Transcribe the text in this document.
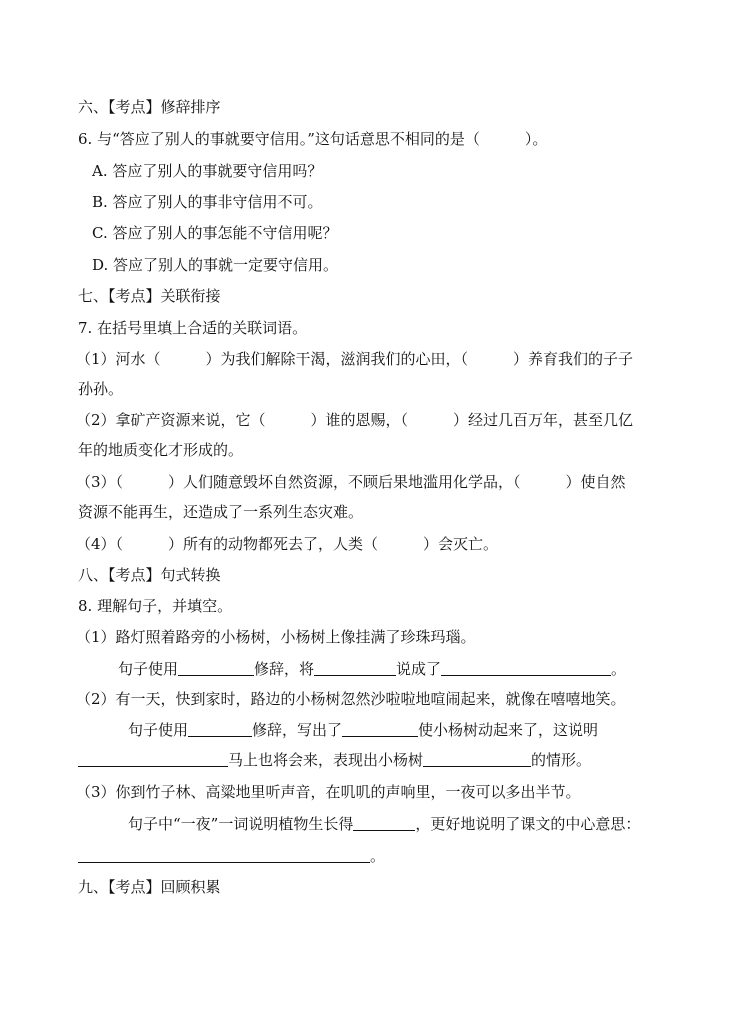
六、【考点】修辞排序
6. 与“答应了别人的事就要守信用。”这句话意思不相同的是（　　　）。
A. 答应了别人的事就要守信用吗？
B. 答应了别人的事非守信用不可。
C. 答应了别人的事怎能不守信用呢？
D. 答应了别人的事就一定要守信用。
七、【考点】关联衔接
7. 在括号里填上合适的关联词语。
（1）河水（　　　）为我们解除干渴，滋润我们的心田，（　　　）养育我们的子子
孙孙。
（2）拿矿产资源来说，它（　　　）谁的恩赐，（　　　）经过几百万年，甚至几亿
年的地质变化才形成的。
（3）（　　　）人们随意毁坏自然资源，不顾后果地滥用化学品，（　　　）使自然
资源不能再生，还造成了一系列生态灾难。
（4）（　　　）所有的动物都死去了，人类（　　　）会灭亡。
八、【考点】句式转换
8. 理解句子，并填空。
（1）路灯照着路旁的小杨树，小杨树上像挂满了珍珠玛瑙。
句子使用	修辞，将	说成了	。
（2）有一天，快到家时，路边的小杨树忽然沙啦啦地喧闹起来，就像在嘻嘻地笑。
句子使用	修辞，写出了	使小杨树动起来了，这说明
马上也将会来，表现出小杨树	的情形。
（3）你到竹子林、高粱地里听声音，在叽叽的声响里，一夜可以多出半节。
句子中“一夜”一词说明植物生长得	，更好地说明了课文的中心意思：
。
九、【考点】回顾积累
